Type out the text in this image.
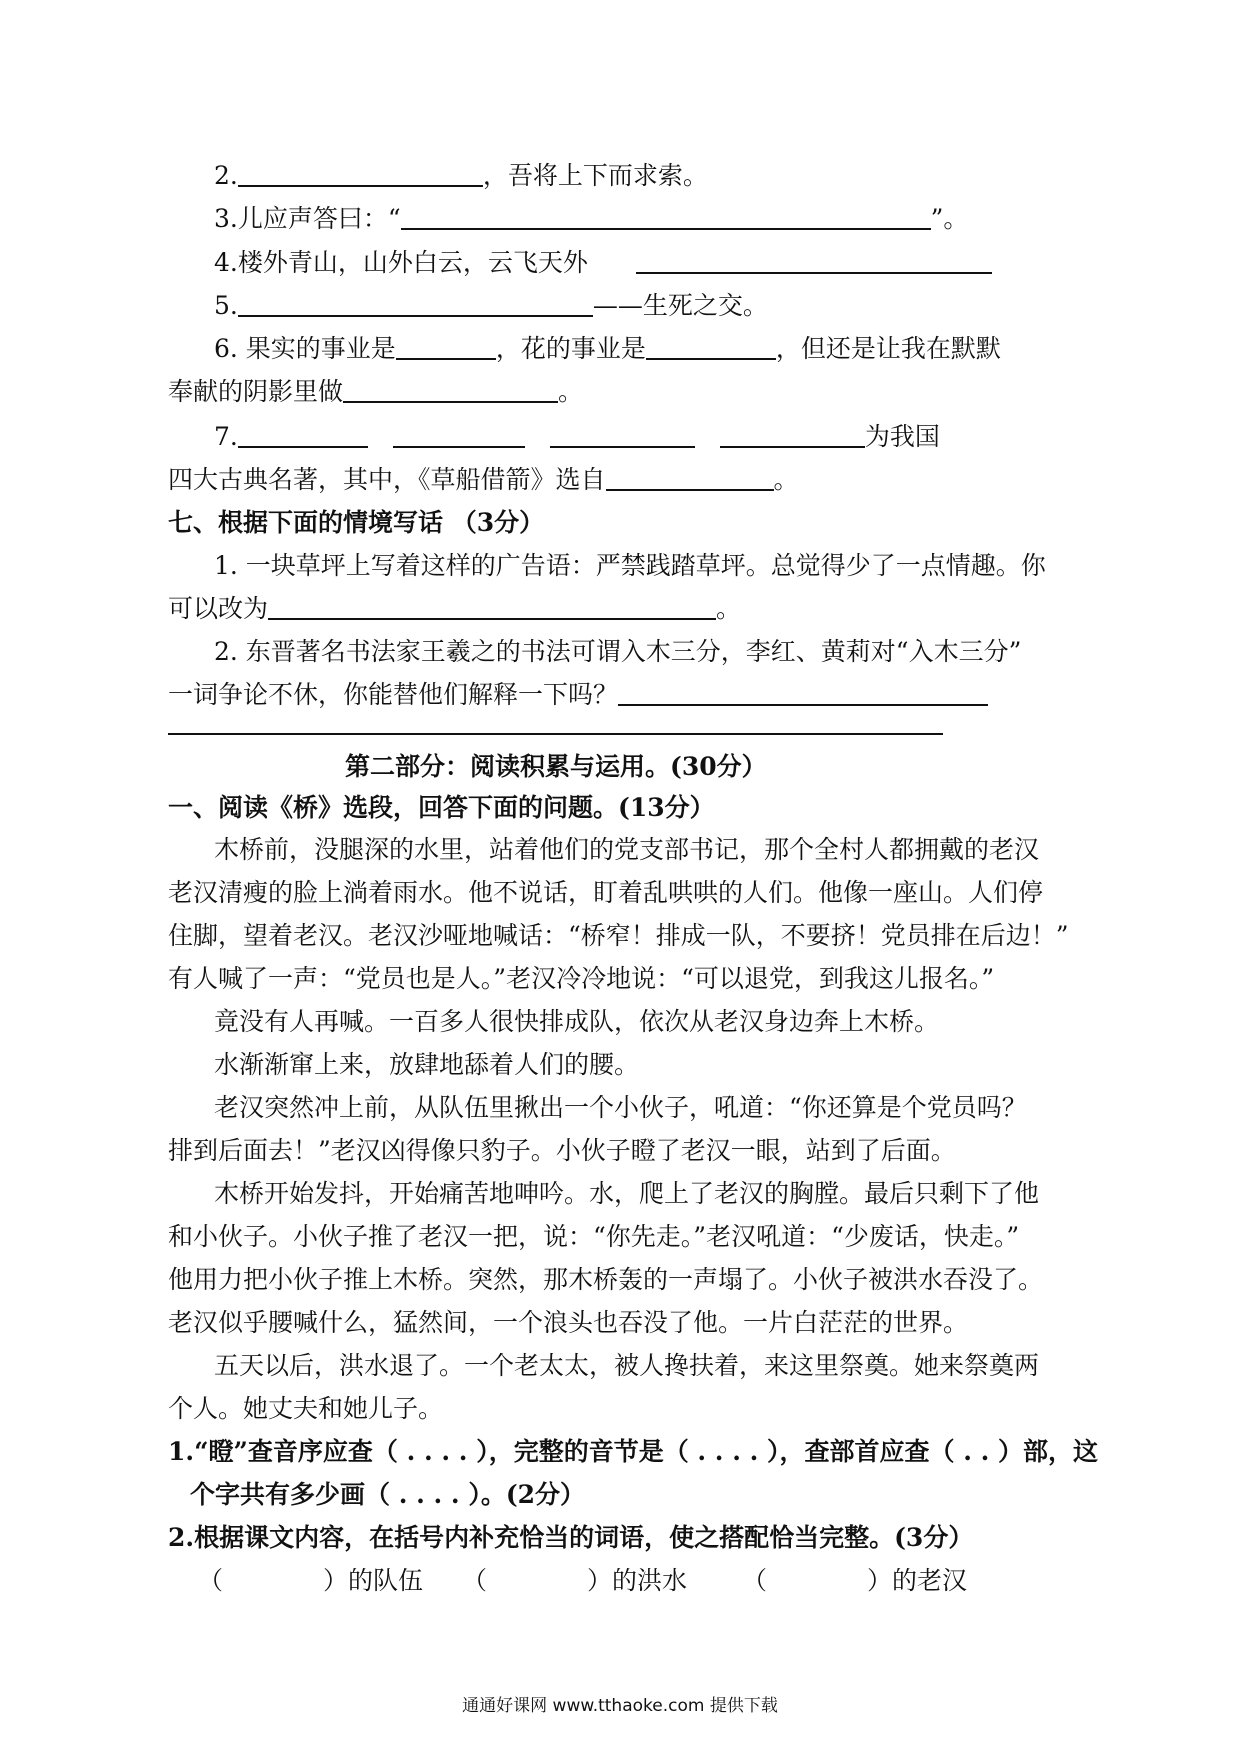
2.	，吾将上下而求索。
3.儿应声答曰：“	”。
4.楼外青山，山外白云，云飞天外
5.	——生死之交。
6. 果实的事业是	，花的事业是	，但还是让我在默默
奉献的阴影里做	。
7.	为我国
四大古典名著，其中，《草船借箭》选自	。
七、根据下面的情境写话 （3分）
1. 一块草坪上写着这样的广告语：严禁践踏草坪。总觉得少了一点情趣。你
可以改为	。
2. 东晋著名书法家王羲之的书法可谓入木三分，李红、黄莉对“入木三分”
一词争论不休，你能替他们解释一下吗？
第二部分：阅读积累与运用。(30分）
一、阅读《桥》选段，回答下面的问题。(13分）
木桥前，没腿深的水里，站着他们的党支部书记，那个全村人都拥戴的老汉
老汉清瘦的脸上淌着雨水。他不说话，盯着乱哄哄的人们。他像一座山。人们停
住脚，望着老汉。老汉沙哑地喊话：“桥窄！排成一队，不要挤！党员排在后边！”
有人喊了一声：“党员也是人。”老汉冷冷地说：“可以退党，到我这儿报名。”
竟没有人再喊。一百多人很快排成队，依次从老汉身边奔上木桥。
水渐渐窜上来，放肆地舔着人们的腰。
老汉突然冲上前，从队伍里揪出一个小伙子，吼道：“你还算是个党员吗？
排到后面去！”老汉凶得像只豹子。小伙子瞪了老汉一眼，站到了后面。
木桥开始发抖，开始痛苦地呻吟。水，爬上了老汉的胸膛。最后只剩下了他
和小伙子。小伙子推了老汉一把，说：“你先走。”老汉吼道：“少废话，快走。”
他用力把小伙子推上木桥。突然，那木桥轰的一声塌了。小伙子被洪水吞没了。
老汉似乎腰喊什么，猛然间，一个浪头也吞没了他。一片白茫茫的世界。
五天以后，洪水退了。一个老太太，被人搀扶着，来这里祭奠。她来祭奠两
个人。她丈夫和她儿子。
1.“瞪”查音序应查（ . . . . ），完整的音节是（ . . . . ），查部首应查（ . . ）部，这
个字共有多少画（ . . . . ）。(2分）
2.根据课文内容，在括号内补充恰当的词语，使之搭配恰当完整。(3分）
（　　　　）的队伍 （　　　　）的洪水 （　　　　）的老汉
通通好课网 www.tthaoke.com 提供下载
